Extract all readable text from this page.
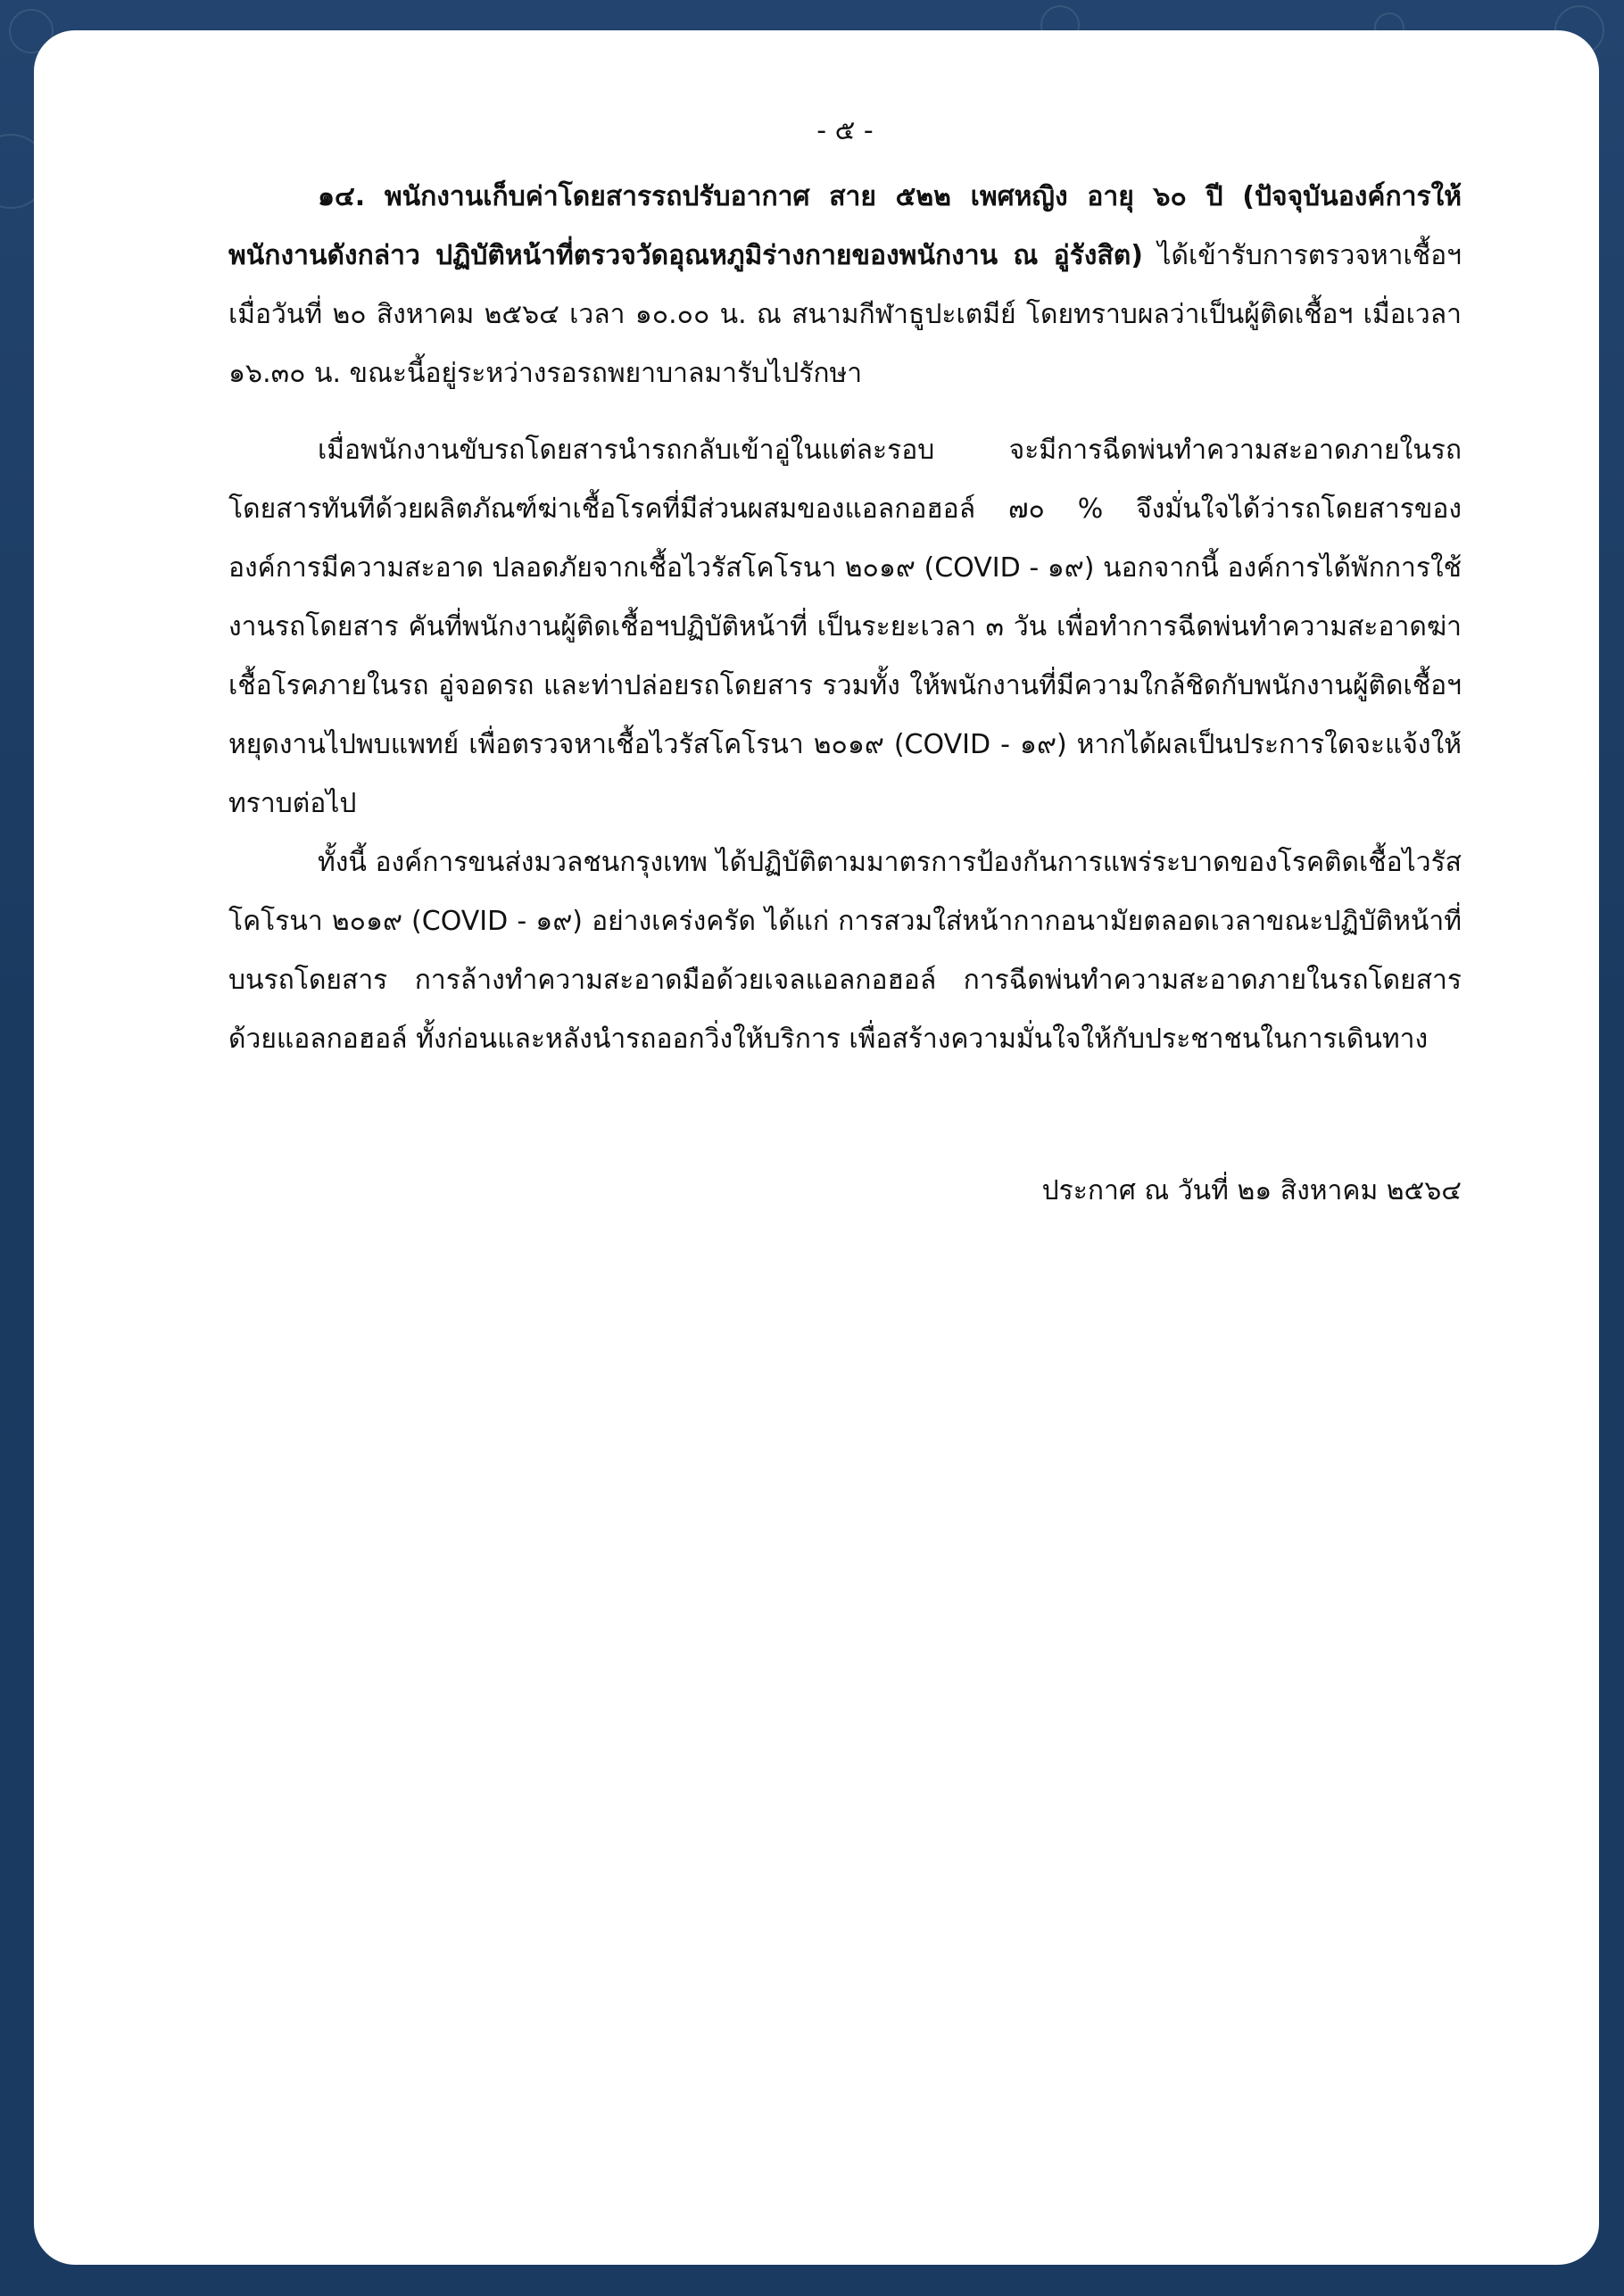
- ๕ -

๑๔. พนักงานเก็บค่าโดยสารรถปรับอากาศ สาย ๕๒๒ เพศหญิง อายุ ๖๐ ปี (ปัจจุบันองค์การให้พนักงานดังกล่าว ปฏิบัติหน้าที่ตรวจวัดอุณหภูมิร่างกายของพนักงาน ณ อู่รังสิต) ได้เข้ารับการตรวจหาเชื้อฯ เมื่อวันที่ ๒๐ สิงหาคม ๒๕๖๔ เวลา ๑๐.๐๐ น. ณ สนามกีฬาธูปะเตมีย์ โดยทราบผลว่าเป็นผู้ติดเชื้อฯ เมื่อเวลา ๑๖.๓๐ น. ขณะนี้อยู่ระหว่างรอรถพยาบาลมารับไปรักษา

เมื่อพนักงานขับรถโดยสารนำรถกลับเข้าอู่ในแต่ละรอบ จะมีการฉีดพ่นทำความสะอาดภายในรถโดยสารทันทีด้วยผลิตภัณฑ์ฆ่าเชื้อโรคที่มีส่วนผสมของแอลกอฮอล์ ๗๐ % จึงมั่นใจได้ว่ารถโดยสารขององค์การมีความสะอาด ปลอดภัยจากเชื้อไวรัสโคโรนา ๒๐๑๙ (COVID - ๑๙) นอกจากนี้ องค์การได้พักการใช้งานรถโดยสาร คันที่พนักงานผู้ติดเชื้อฯปฏิบัติหน้าที่ เป็นระยะเวลา ๓ วัน เพื่อทำการฉีดพ่นทำความสะอาดฆ่าเชื้อโรคภายในรถ อู่จอดรถ และท่าปล่อยรถโดยสาร รวมทั้ง ให้พนักงานที่มีความใกล้ชิดกับพนักงานผู้ติดเชื้อฯ หยุดงานไปพบแพทย์ เพื่อตรวจหาเชื้อไวรัสโคโรนา ๒๐๑๙ (COVID - ๑๙) หากได้ผลเป็นประการใดจะแจ้งให้ทราบต่อไป

ทั้งนี้ องค์การขนส่งมวลชนกรุงเทพ ได้ปฏิบัติตามมาตรการป้องกันการแพร่ระบาดของโรคติดเชื้อไวรัสโคโรนา ๒๐๑๙ (COVID - ๑๙) อย่างเคร่งครัด ได้แก่ การสวมใส่หน้ากากอนามัยตลอดเวลาขณะปฏิบัติหน้าที่บนรถโดยสาร การล้างทำความสะอาดมือด้วยเจลแอลกอฮอล์ การฉีดพ่นทำความสะอาดภายในรถโดยสารด้วยแอลกอฮอล์ ทั้งก่อนและหลังนำรถออกวิ่งให้บริการ เพื่อสร้างความมั่นใจให้กับประชาชนในการเดินทาง

ประกาศ ณ วันที่ ๒๑ สิงหาคม ๒๕๖๔
